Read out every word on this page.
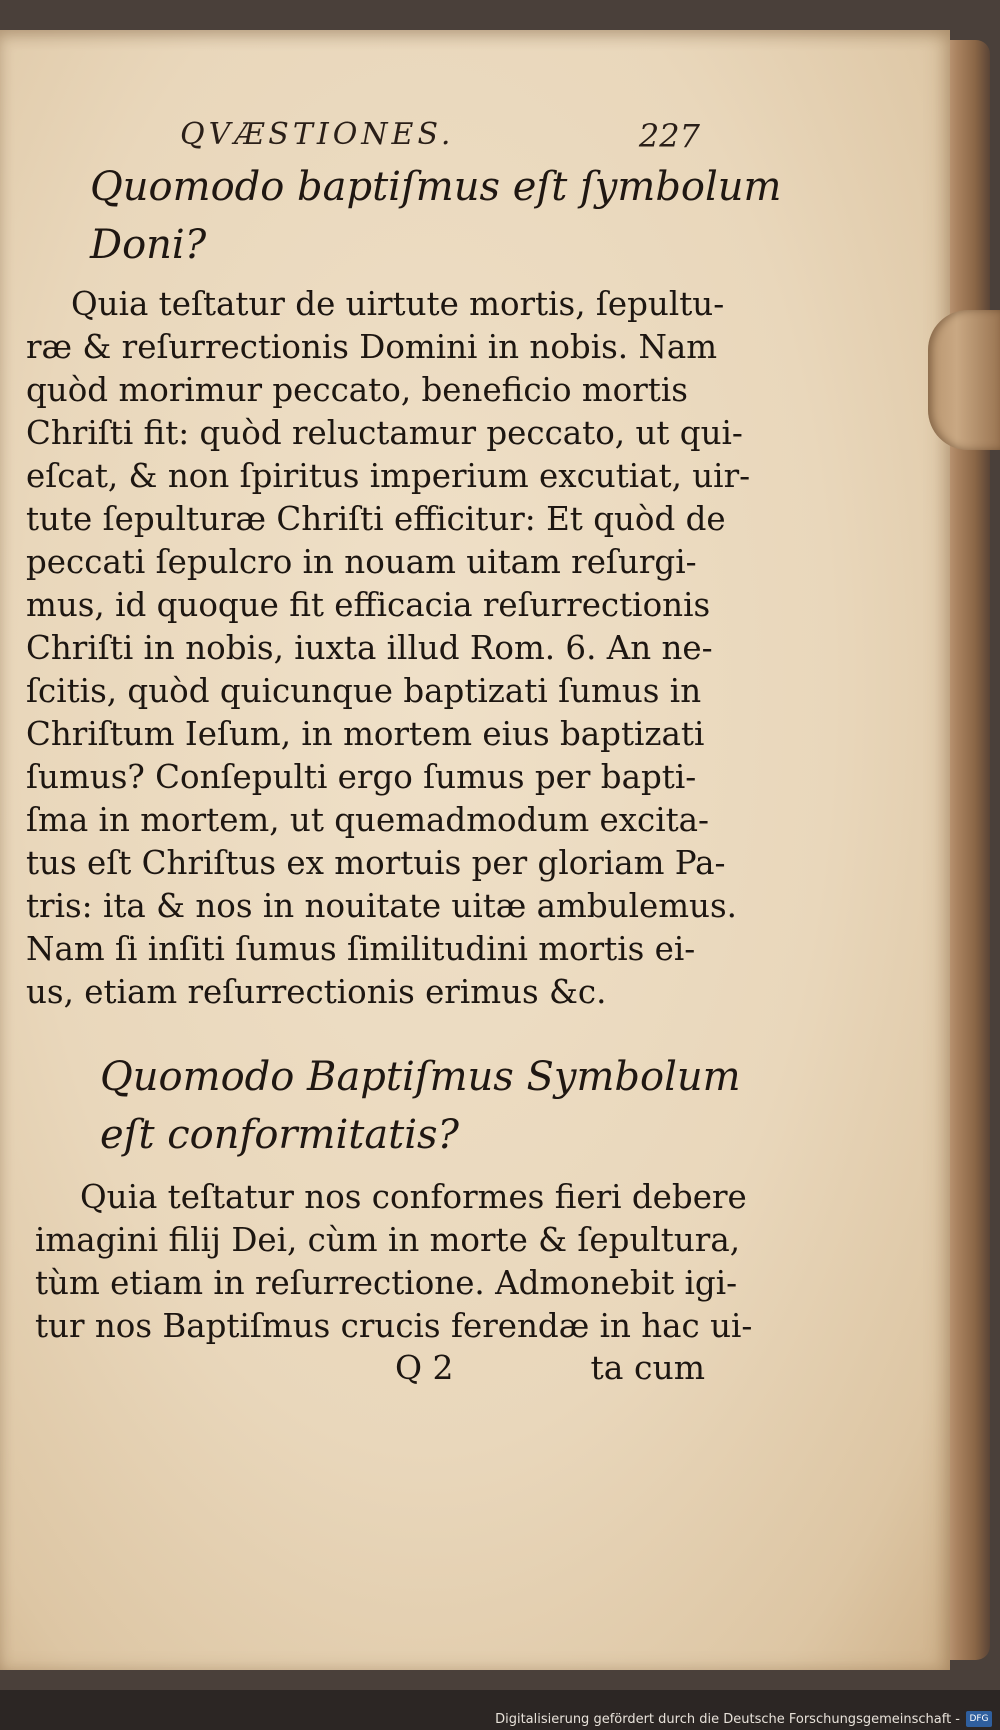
QVÆSTIONES.	227
Quomodo baptiſmus eſt ſymbolum
Doni?

Quia teſtatur de uirtute mortis, ſepultu-
ræ & reſurrectionis Domini in nobis. Nam
quòd morimur peccato, beneficio mortis
Chriſti fit: quòd reluctamur peccato, ut qui-
eſcat, & non ſpiritus imperium excutiat, uir-
tute ſepulturæ Chriſti efficitur: Et quòd de
peccati ſepulcro in nouam uitam reſurgi-
mus, id quoque fit efficacia reſurrectionis
Chriſti in nobis, iuxta illud Rom. 6. An ne-
ſcitis, quòd quicunque baptizati ſumus in
Chriſtum Ieſum, in mortem eius baptizati
ſumus? Conſepulti ergo ſumus per bapti-
ſma in mortem, ut quemadmodum excita-
tus eſt Chriſtus ex mortuis per gloriam Pa-
tris: ita & nos in nouitate uitæ ambulemus.
Nam ſi inſiti ſumus ſimilitudini mortis ei-
us, etiam reſurrectionis erimus &c.

Quomodo Baptiſmus Symbolum
eſt conformitatis?

Quia teſtatur nos conformes fieri debere
imagini filij Dei, cùm in morte & ſepultura,
tùm etiam in reſurrectione. Admonebit igi-
tur nos Baptiſmus crucis ferendæ in hac ui-

Q 2	ta cum
Digitalisierung gefördert durch die Deutsche Forschungsgemeinschaft -	DFG
